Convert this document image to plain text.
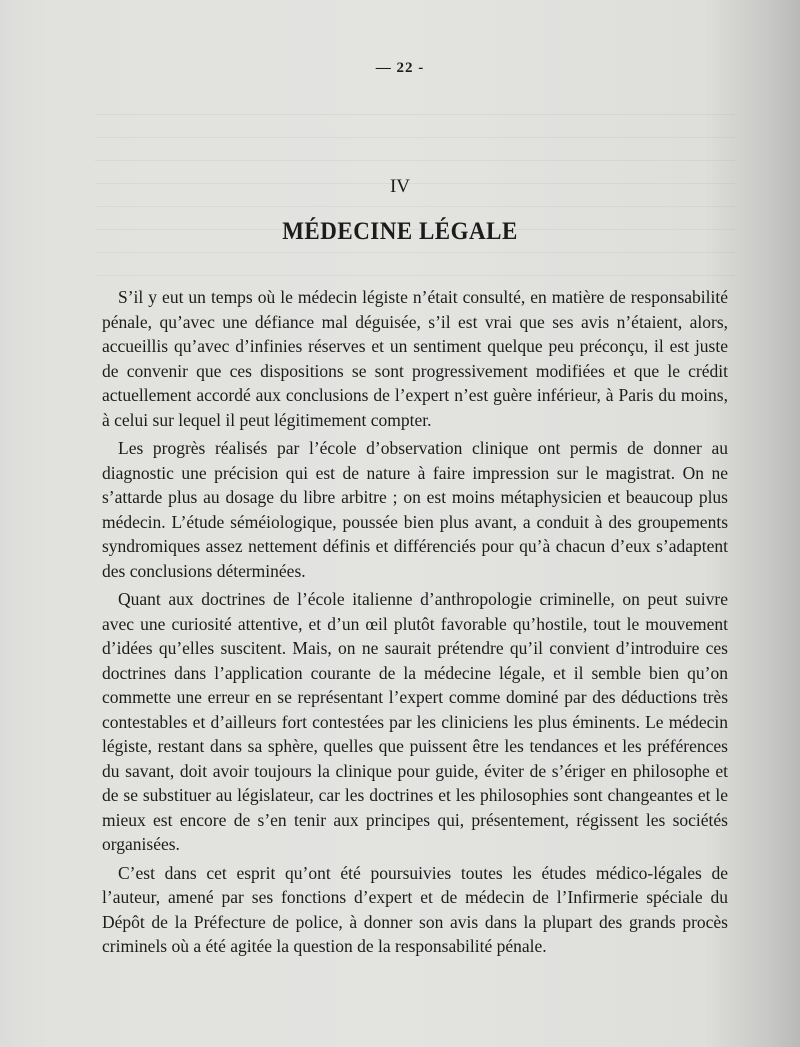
— 22 -
IV
MÉDECINE LÉGALE

S’il y eut un temps où le médecin légiste n’était consulté, en matière de responsabilité pénale, qu’avec une défiance mal déguisée, s’il est vrai que ses avis n’étaient, alors, accueillis qu’avec d’infinies réserves et un sentiment quelque peu préconçu, il est juste de convenir que ces dispositions se sont progressivement modifiées et que le crédit actuellement accordé aux conclusions de l’expert n’est guère inférieur, à Paris du moins, à celui sur lequel il peut légitimement compter.

Les progrès réalisés par l’école d’observation clinique ont permis de donner au diagnostic une précision qui est de nature à faire impression sur le magistrat. On ne s’attarde plus au dosage du libre arbitre ; on est moins métaphysicien et beaucoup plus médecin. L’étude séméiologique, poussée bien plus avant, a conduit à des groupements syndromiques assez nettement définis et différenciés pour qu’à chacun d’eux s’adaptent des conclusions déterminées.

Quant aux doctrines de l’école italienne d’anthropologie criminelle, on peut suivre avec une curiosité attentive, et d’un œil plutôt favorable qu’hostile, tout le mouvement d’idées qu’elles suscitent. Mais, on ne saurait prétendre qu’il convient d’introduire ces doctrines dans l’application courante de la médecine légale, et il semble bien qu’on commette une erreur en se représentant l’expert comme dominé par des déductions très contestables et d’ailleurs fort contestées par les cliniciens les plus éminents. Le médecin légiste, restant dans sa sphère, quelles que puissent être les tendances et les préférences du savant, doit avoir toujours la clinique pour guide, éviter de s’ériger en philosophe et de se substituer au législateur, car les doctrines et les philosophies sont changeantes et le mieux est encore de s’en tenir aux principes qui, présentement, régissent les sociétés organisées.

C’est dans cet esprit qu’ont été poursuivies toutes les études médico-légales de l’auteur, amené par ses fonctions d’expert et de médecin de l’Infirmerie spéciale du Dépôt de la Préfecture de police, à donner son avis dans la plupart des grands procès criminels où a été agitée la question de la responsabilité pénale.
